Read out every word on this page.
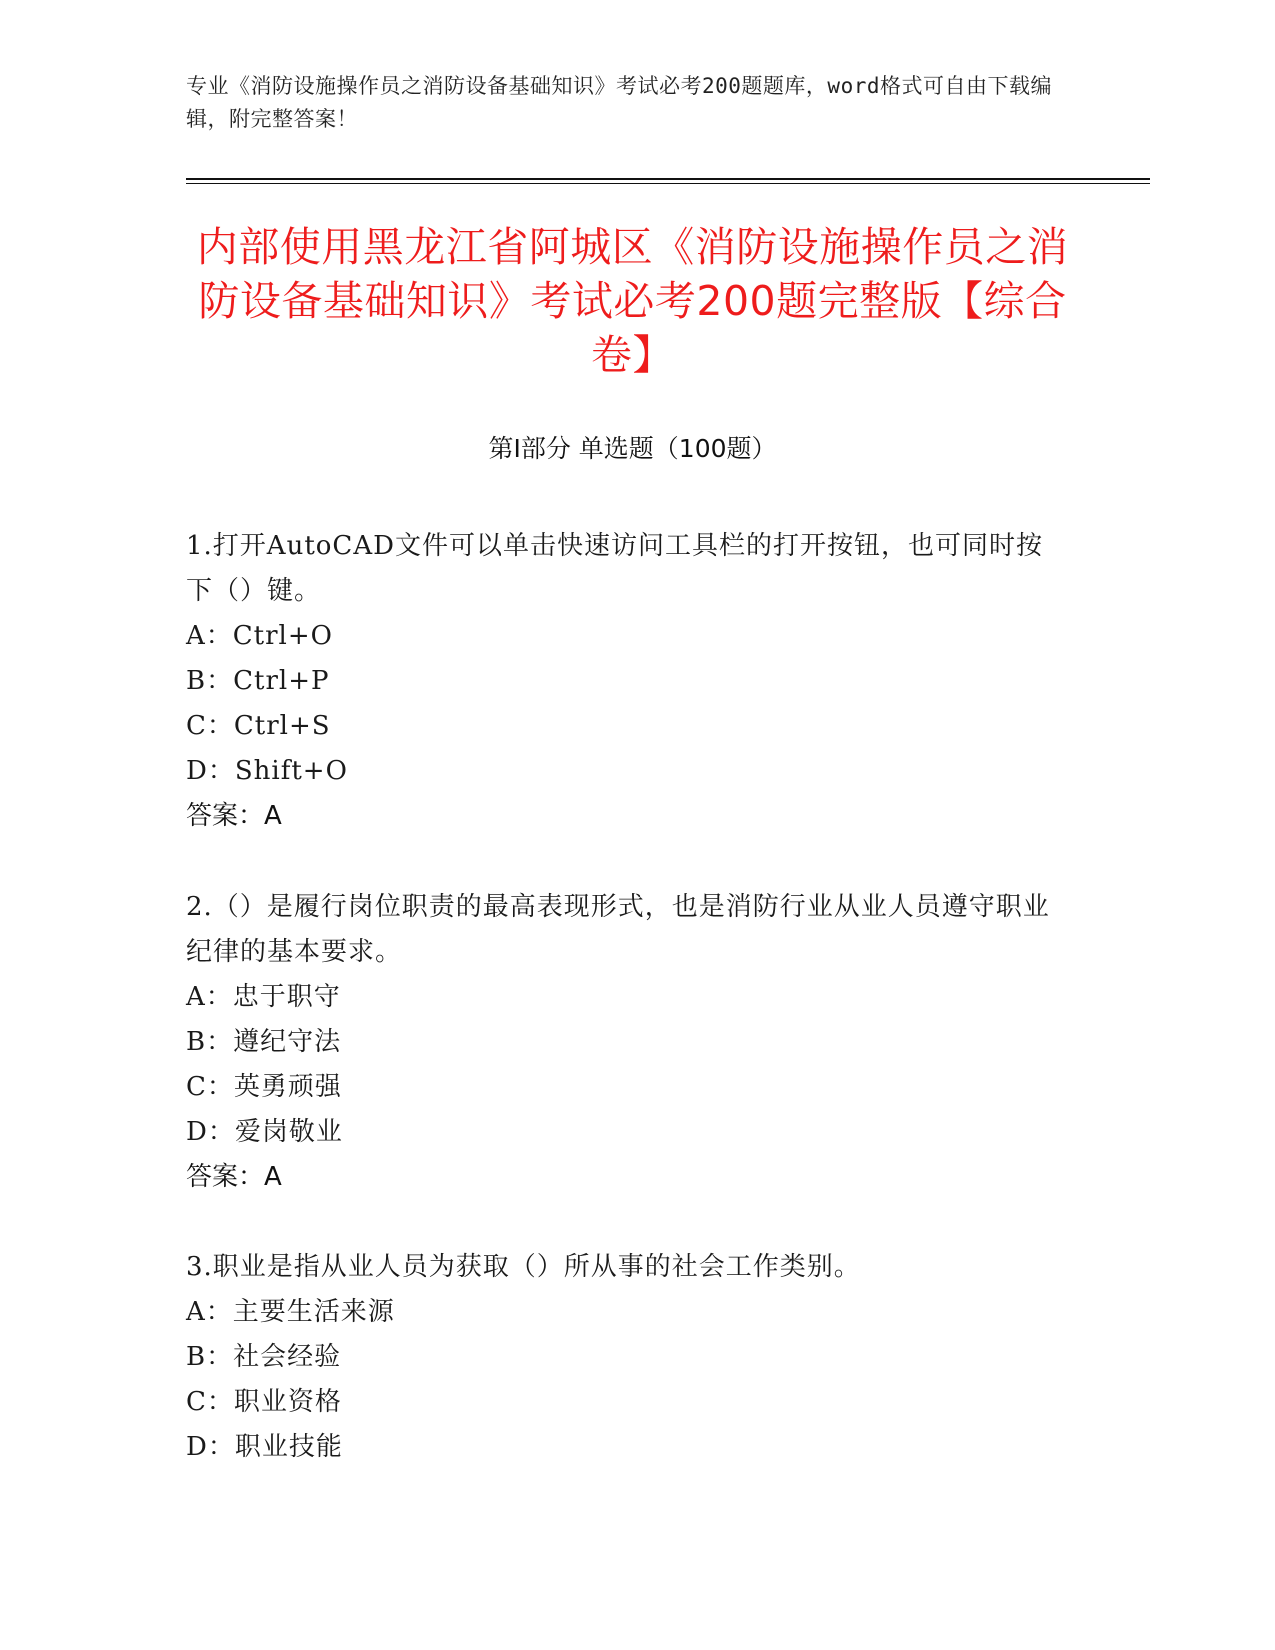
专业《消防设施操作员之消防设备基础知识》考试必考200题题库，word格式可自由下载编辑，附完整答案！
内部使用黑龙江省阿城区《消防设施操作员之消防设备基础知识》考试必考200题完整版【综合卷】
第I部分 单选题（100题）
1.打开AutoCAD文件可以单击快速访问工具栏的打开按钮，也可同时按下（）键。
A：Ctrl+O
B：Ctrl+P
C：Ctrl+S
D：Shift+O
答案：A
2.（）是履行岗位职责的最高表现形式，也是消防行业从业人员遵守职业纪律的基本要求。
A：忠于职守
B：遵纪守法
C：英勇顽强
D：爱岗敬业
答案：A
3.职业是指从业人员为获取（）所从事的社会工作类别。
A：主要生活来源
B：社会经验
C：职业资格
D：职业技能
